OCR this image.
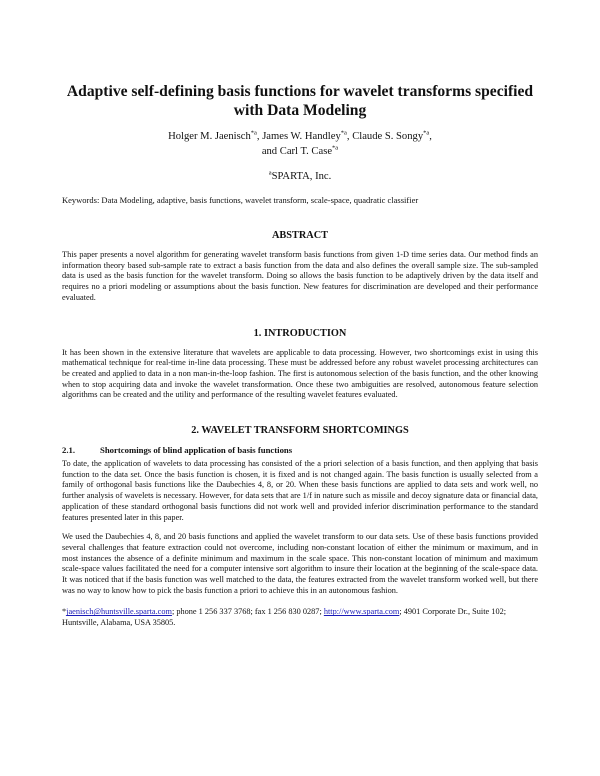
Adaptive self-defining basis functions for wavelet transforms specified with Data Modeling
Holger M. Jaenisch$^{*a}$, James W. Handley$^{*a}$, Claude S. Songy$^{*a}$,
and Carl T. Case$^{*a}$
$^a$SPARTA, Inc.
Keywords: Data Modeling, adaptive, basis functions, wavelet transform, scale-space, quadratic classifier
ABSTRACT

This paper presents a novel algorithm for generating wavelet transform basis functions from given 1-D time series data. Our method finds an information theory based sub-sample rate to extract a basis function from the data and also defines the overall sample size. The sub-sampled data is used as the basis function for the wavelet transform. Doing so allows the basis function to be adaptively driven by the data itself and requires no a priori modeling or assumptions about the basis function. New features for discrimination are developed and their performance evaluated.

1. INTRODUCTION

It has been shown in the extensive literature that wavelets are applicable to data processing. However, two shortcomings exist in using this mathematical technique for real-time in-line data processing. These must be addressed before any robust wavelet processing architectures can be created and applied to data in a non man-in-the-loop fashion. The first is autonomous selection of the basis function, and the other knowing when to stop acquiring data and invoke the wavelet transformation. Once these two ambiguities are resolved, autonomous feature selection algorithms can be created and the utility and performance of the resulting wavelet features evaluated.

2. WAVELET TRANSFORM SHORTCOMINGS
2.1.	Shortcomings of blind application of basis functions

To date, the application of wavelets to data processing has consisted of the a priori selection of a basis function, and then applying that basis function to the data set. Once the basis function is chosen, it is fixed and is not changed again. The basis function is usually selected from a family of orthogonal basis functions like the Daubechies 4, 8, or 20. When these basis functions are applied to data sets and work well, no further analysis of wavelets is necessary. However, for data sets that are 1/f in nature such as missile and decoy signature data or financial data, application of these standard orthogonal basis functions did not work well and provided inferior discrimination performance to the standard features presented later in this paper.

We used the Daubechies 4, 8, and 20 basis functions and applied the wavelet transform to our data sets. Use of these basis functions provided several challenges that feature extraction could not overcome, including non-constant location of either the minimum or maximum, and in most instances the absence of a definite minimum and maximum in the scale space. This non-constant location of minimum and maximum scale-space values facilitated the need for a computer intensive sort algorithm to insure their location at the beginning of the scale-space data. It was noticed that if the basis function was well matched to the data, the features extracted from the wavelet transform worked well, but there was no way to know how to pick the basis function a priori to achieve this in an autonomous fashion.

*jaenisch@huntsville.sparta.com; phone 1 256 337 3768; fax 1 256 830 0287; http://www.sparta.com; 4901 Corporate Dr., Suite 102; Huntsville, Alabama, USA 35805.
